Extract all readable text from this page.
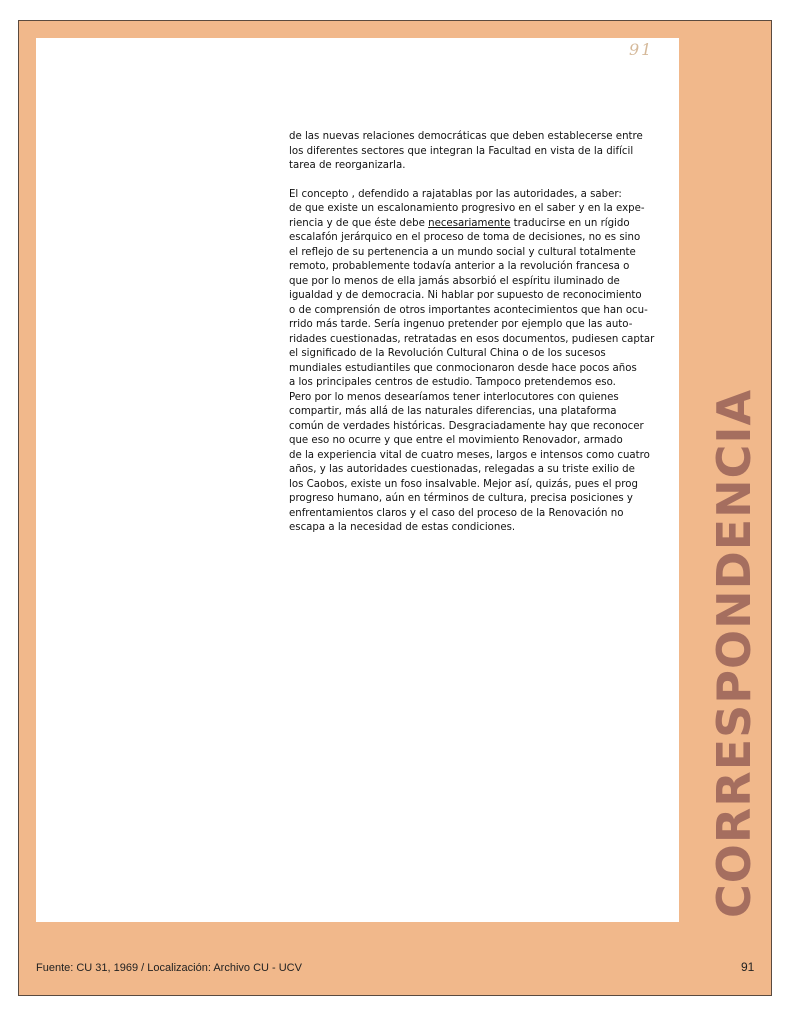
91

de las nuevas relaciones democráticas que deben establecerse entre
los diferentes sectores que integran la Facultad en vista de la difícil
tarea de reorganizarla.

El concepto , defendido a rajatablas por las autoridades, a saber:
de que existe un escalonamiento progresivo en el saber y en la expe-
riencia y de que éste debe necesariamente traducirse en un rígido
escalafón jerárquico en el proceso de toma de decisiones, no es sino
el reflejo de su pertenencia a un mundo social y cultural totalmente
remoto, probablemente todavía anterior a la revolución francesa o
que por lo menos de ella jamás absorbió el espíritu iluminado de
igualdad y de democracia. Ni hablar por supuesto de reconocimiento
o de comprensión de otros importantes acontecimientos que han ocu-
rrido más tarde. Sería ingenuo pretender por ejemplo que las auto-
ridades cuestionadas, retratadas en esos documentos, pudiesen captar
el significado de la Revolución Cultural China o de los sucesos
mundiales estudiantiles que conmocionaron desde hace pocos años
a los principales centros de estudio. Tampoco pretendemos eso.
Pero por lo menos desearíamos tener interlocutores con quienes
compartir, más allá de las naturales diferencias, una plataforma
común de verdades históricas. Desgraciadamente hay que reconocer
que eso no ocurre y que entre el movimiento Renovador, armado
de la experiencia vital de cuatro meses, largos e intensos como cuatro
años, y las autoridades cuestionadas, relegadas a su triste exilio de
los Caobos, existe un foso insalvable. Mejor así, quizás, pues el prog
progreso humano, aún en términos de cultura, precisa posiciones y
enfrentamientos claros y el caso del proceso de la Renovación no
escapa a la necesidad de estas condiciones.	CORRESPONDENCIA
Fuente: CU 31, 1969 / Localización: Archivo CU - UCV	91
